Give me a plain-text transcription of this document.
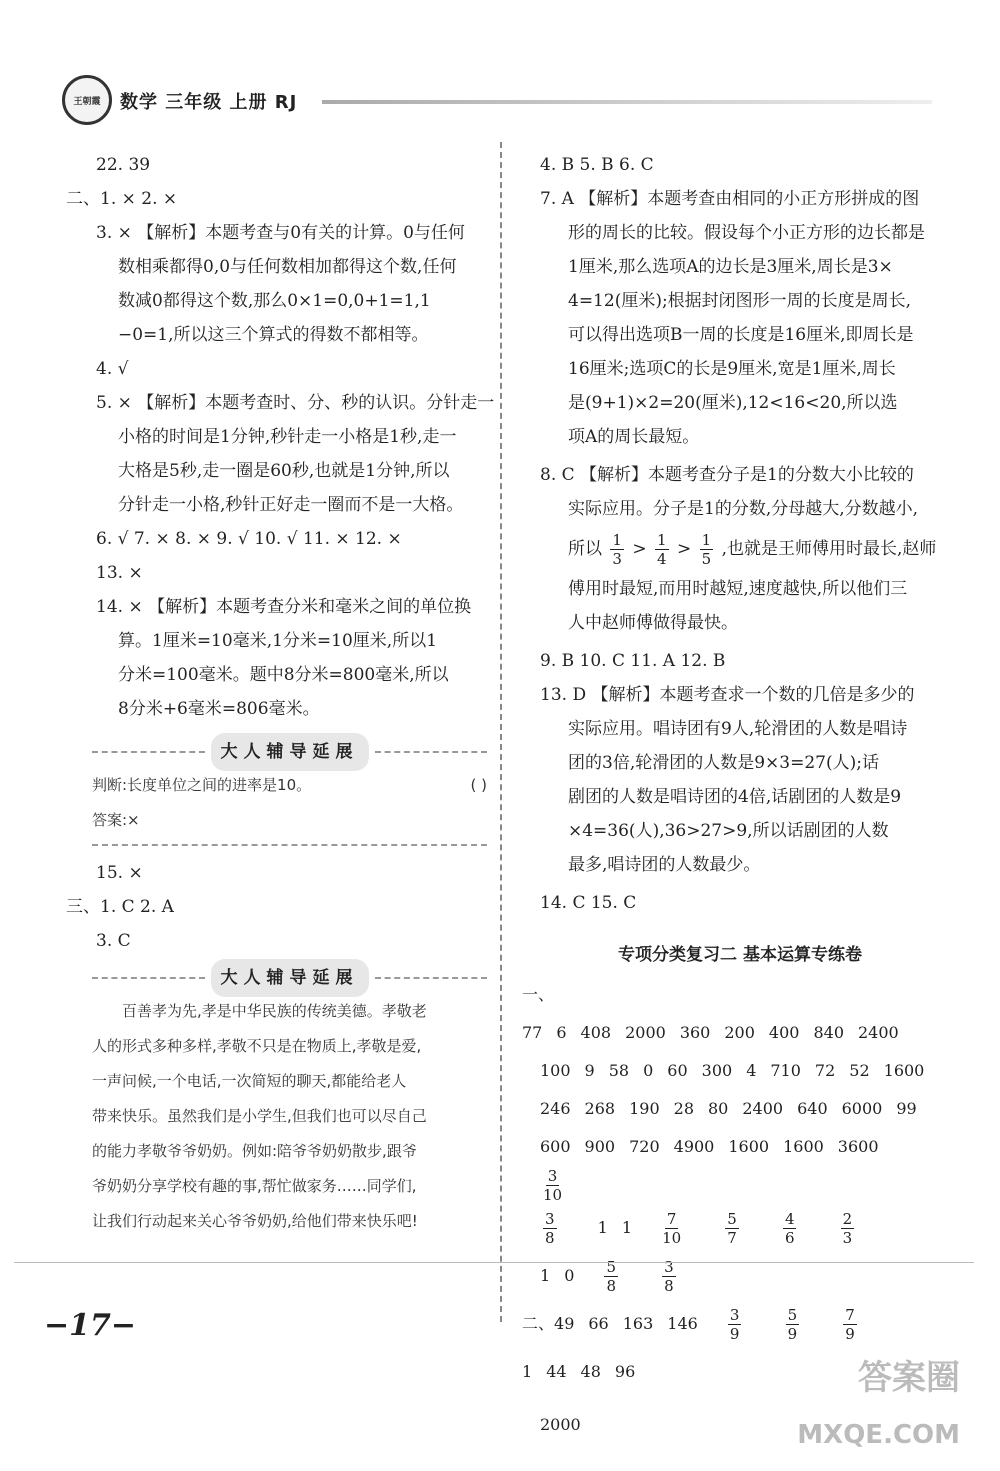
王朝霞 数学 三年级 上册 RJ
22. 39
二、1. × 2. ×
3. × 【解析】本题考查与0有关的计算。0与任何
数相乘都得0,0与任何数相加都得这个数,任何
数减0都得这个数,那么0×1=0,0+1=1,1
−0=1,所以这三个算式的得数不都相等。
4. √
5. × 【解析】本题考查时、分、秒的认识。分针走一
小格的时间是1分钟,秒针走一小格是1秒,走一
大格是5秒,走一圈是60秒,也就是1分钟,所以
分针走一小格,秒针正好走一圈而不是一大格。
6. √ 7. × 8. × 9. √ 10. √ 11. × 12. ×
13. ×
14. × 【解析】本题考查分米和毫米之间的单位换
算。1厘米=10毫米,1分米=10厘米,所以1
分米=100毫米。题中8分米=800毫米,所以
8分米+6毫米=806毫米。
大人辅导延展
判断:长度单位之间的进率是10。	( )
答案:×
15. ×
三、1. C 2. A
3. C
大人辅导延展
百善孝为先,孝是中华民族的传统美德。孝敬老
人的形式多种多样,孝敬不只是在物质上,孝敬是爱,
一声问候,一个电话,一次简短的聊天,都能给老人
带来快乐。虽然我们是小学生,但我们也可以尽自己
的能力孝敬爷爷奶奶。例如:陪爷爷奶奶散步,跟爷
爷奶奶分享学校有趣的事,帮忙做家务……同学们,
让我们行动起来关心爷爷奶奶,给他们带来快乐吧!
4. B 5. B 6. C
7. A 【解析】本题考查由相同的小正方形拼成的图
形的周长的比较。假设每个小正方形的边长都是
1厘米,那么选项A的边长是3厘米,周长是3×
4=12(厘米);根据封闭图形一周的长度是周长,
可以得出选项B一周的长度是16厘米,即周长是
16厘米;选项C的长是9厘米,宽是1厘米,周长
是(9+1)×2=20(厘米),12<16<20,所以选
项A的周长最短。
8. C 【解析】本题考查分子是1的分数大小比较的
实际应用。分子是1的分数,分母越大,分数越小,
所以 $\frac{1}{3} > \frac{1}{4} > \frac{1}{5}$ ,也就是王师傅用时最长,赵师
傅用时最短,而用时越短,速度越快,所以他们三
人中赵师傅做得最快。
9. B 10. C 11. A 12. B
13. D 【解析】本题考查求一个数的几倍是多少的
实际应用。唱诗团有9人,轮滑团的人数是唱诗
团的3倍,轮滑团的人数是9×3=27(人);话
剧团的人数是唱诗团的4倍,话剧团的人数是9
×4=36(人),36>27>9,所以话剧团的人数
最多,唱诗团的人数最少。
14. C 15. C
专项分类复习二 基本运算专练卷
一、77 6 408 2000 360 200 400 840 2400
100 9 58 0 60 300 4 710 72 52 1600
246 268 190 28 80 2400 640 6000 99
600 900 720 4900 1600 1600 3600
$\frac{3}{10}$
$\frac{3}{8} 1$ $1 \frac{7}{10}$
$\frac{5}{7}$
$\frac{4}{6}$
$\frac{2}{3}$
1 $0 \frac{5}{8}$
$\frac{3}{8}$
二、49 66 163 $146 \frac{3}{9}$
$\frac{5}{9}$
$\frac{7}{9}$
1 44 48 96
2000
−17−
答案圈
MXQE.COM
